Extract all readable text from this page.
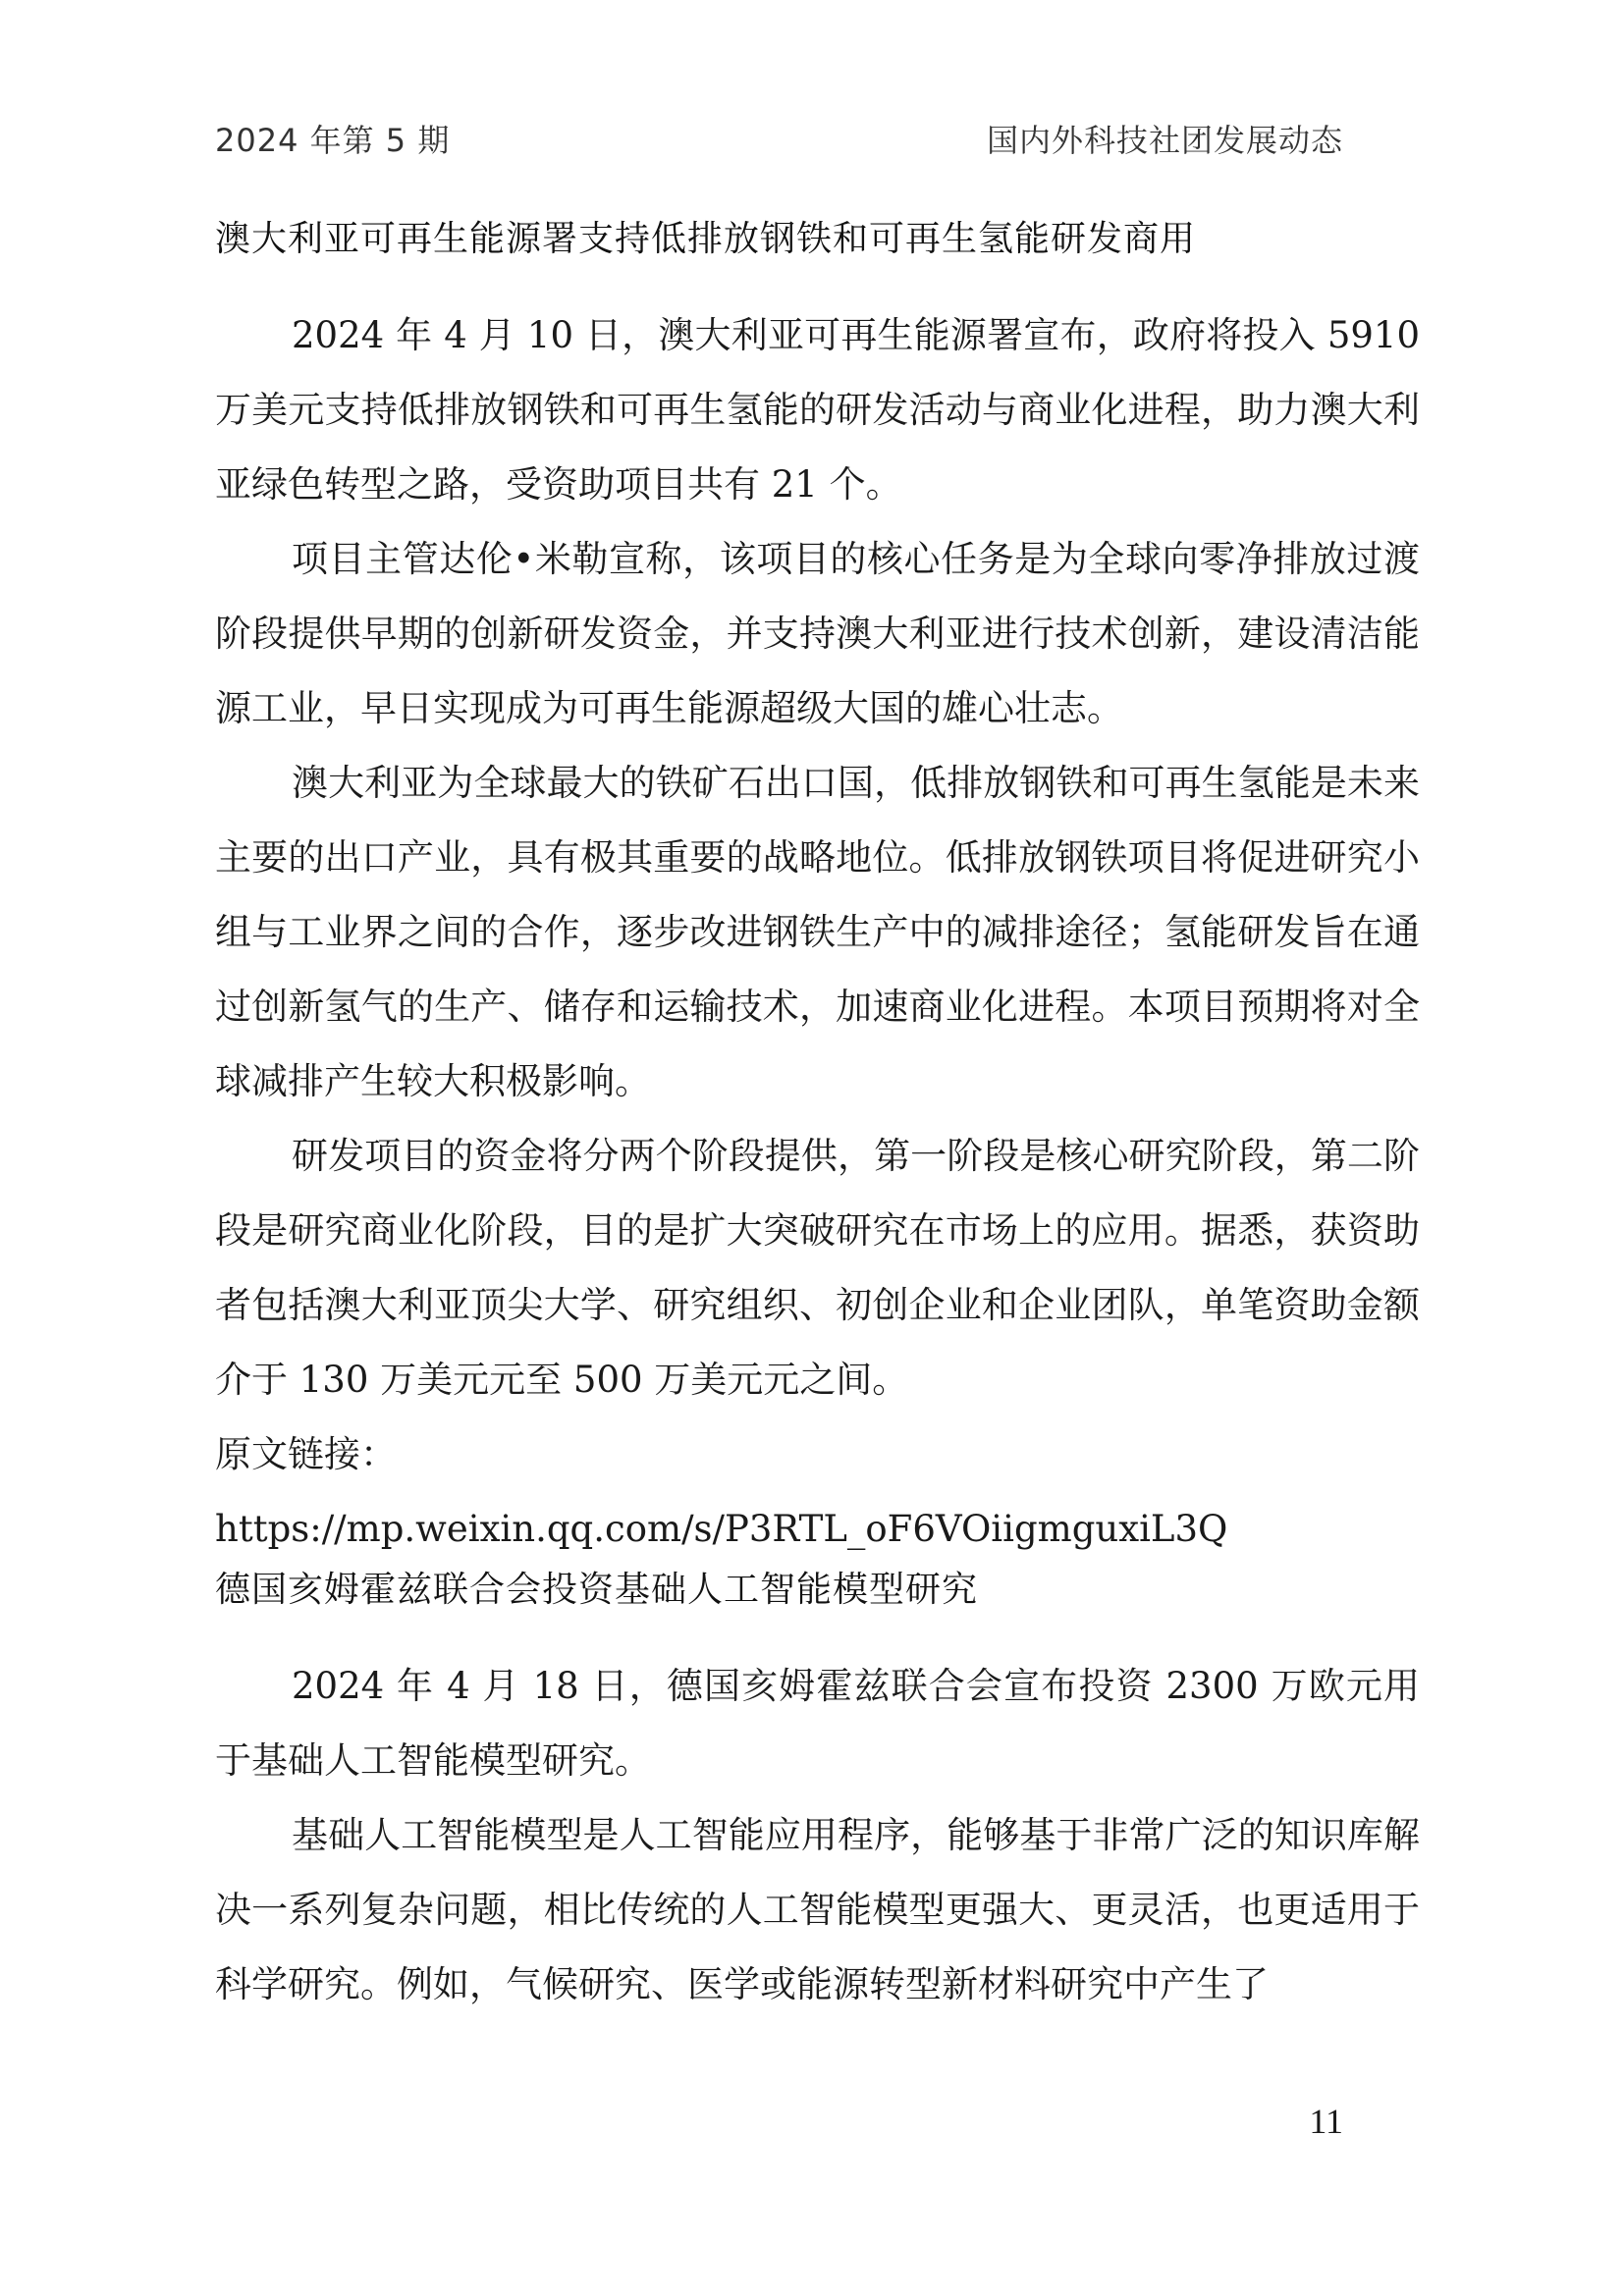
2024 年第 5 期	国内外科技社团发展动态
澳大利亚可再生能源署支持低排放钢铁和可再生氢能研发商用

2024 年 4 月 10 日，澳大利亚可再生能源署宣布，政府将投入 5910 万美元支持低排放钢铁和可再生氢能的研发活动与商业化进程，助力澳大利亚绿色转型之路，受资助项目共有 21 个。

项目主管达伦•米勒宣称，该项目的核心任务是为全球向零净排放过渡阶段提供早期的创新研发资金，并支持澳大利亚进行技术创新，建设清洁能源工业，早日实现成为可再生能源超级大国的雄心壮志。

澳大利亚为全球最大的铁矿石出口国，低排放钢铁和可再生氢能是未来主要的出口产业，具有极其重要的战略地位。低排放钢铁项目将促进研究小组与工业界之间的合作，逐步改进钢铁生产中的减排途径；氢能研发旨在通过创新氢气的生产、储存和运输技术，加速商业化进程。本项目预期将对全球减排产生较大积极影响。

研发项目的资金将分两个阶段提供，第一阶段是核心研究阶段，第二阶段是研究商业化阶段，目的是扩大突破研究在市场上的应用。据悉，获资助者包括澳大利亚顶尖大学、研究组织、初创企业和企业团队，单笔资助金额介于 130 万美元元至 500 万美元元之间。

原文链接：

https://mp.weixin.qq.com/s/P3RTL_oF6VOiigmguxiL3Q

德国亥姆霍兹联合会投资基础人工智能模型研究

2024 年 4 月 18 日，德国亥姆霍兹联合会宣布投资 2300 万欧元用于基础人工智能模型研究。

基础人工智能模型是人工智能应用程序，能够基于非常广泛的知识库解决一系列复杂问题，相比传统的人工智能模型更强大、更灵活，也更适用于科学研究。例如，气候研究、医学或能源转型新材料研究中产生了

11
